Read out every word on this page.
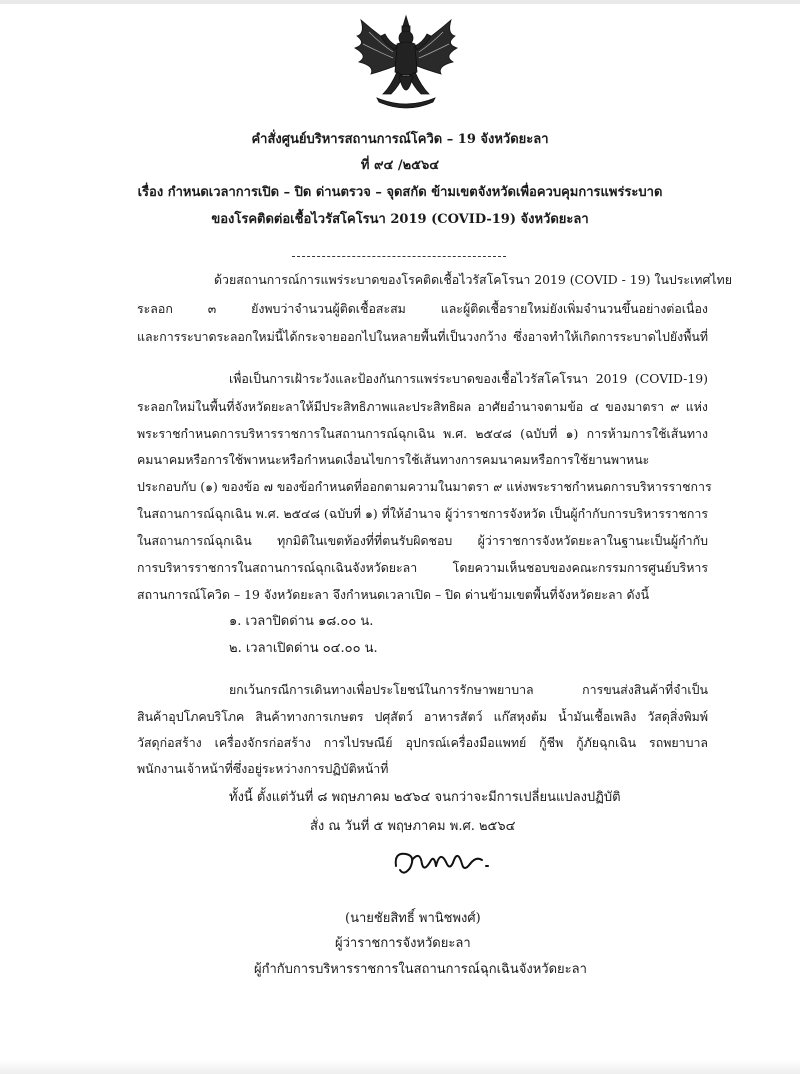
คำสั่งศูนย์บริหารสถานการณ์โควิด – 19 จังหวัดยะลา
ที่ ๙๔ /๒๕๖๔
เรื่อง กำหนดเวลาการเปิด – ปิด ด่านตรวจ – จุดสกัด ข้ามเขตจังหวัดเพื่อควบคุมการแพร่ระบาด
ของโรคติดต่อเชื้อไวรัสโคโรนา 2019 (COVID-19) จังหวัดยะลา
ด้วยสถานการณ์การแพร่ระบาดของโรคติดเชื้อไวรัสโคโรนา 2019 (COVID - 19) ในประเทศไทย
ระลอก ๓ ยังพบว่าจำนวนผู้ติดเชื้อสะสม และผู้ติดเชื้อรายใหม่ยังเพิ่มจำนวนขึ้นอย่างต่อเนื่อง
และการระบาดระลอกใหม่นี้ได้กระจายออกไปในหลายพื้นที่เป็นวงกว้าง ซึ่งอาจทำให้เกิดการระบาดไปยังพื้นที่
เพื่อเป็นการเฝ้าระวังและป้องกันการแพร่ระบาดของเชื้อไวรัสโคโรนา 2019 (COVID-19)
ระลอกใหม่ในพื้นที่จังหวัดยะลาให้มีประสิทธิภาพและประสิทธิผล อาศัยอำนาจตามข้อ ๔ ของมาตรา ๙ แห่ง
พระราชกำหนดการบริหารราชการในสถานการณ์ฉุกเฉิน พ.ศ. ๒๕๔๘ (ฉบับที่ ๑) การห้ามการใช้เส้นทาง
คมนาคมหรือการใช้พาหนะหรือกำหนดเงื่อนไขการใช้เส้นทางการคมนาคมหรือการใช้ยานพาหนะ
ประกอบกับ (๑) ของข้อ ๗ ของข้อกำหนดที่ออกตามความในมาตรา ๙ แห่งพระราชกำหนดการบริหารราชการ
ในสถานการณ์ฉุกเฉิน พ.ศ. ๒๕๔๘ (ฉบับที่ ๑) ที่ให้อำนาจ ผู้ว่าราชการจังหวัด เป็นผู้กำกับการบริหารราชการ
ในสถานการณ์ฉุกเฉิน ทุกมิติในเขตท้องที่ที่ตนรับผิดชอบ ผู้ว่าราชการจังหวัดยะลาในฐานะเป็นผู้กำกับ
การบริหารราชการในสถานการณ์ฉุกเฉินจังหวัดยะลา โดยความเห็นชอบของคณะกรรมการศูนย์บริหาร
สถานการณ์โควิด – 19 จังหวัดยะลา จึงกำหนดเวลาเปิด – ปิด ด่านข้ามเขตพื้นที่จังหวัดยะลา ดังนี้
๑. เวลาปิดด่าน ๑๘.๐๐ น.
๒. เวลาเปิดด่าน ๐๔.๐๐ น.
ยกเว้นกรณีการเดินทางเพื่อประโยชน์ในการรักษาพยาบาล การขนส่งสินค้าที่จำเป็น
สินค้าอุปโภคบริโภค สินค้าทางการเกษตร ปศุสัตว์ อาหารสัตว์ แก๊สหุงต้ม น้ำมันเชื้อเพลิง วัสดุสิ่งพิมพ์
วัสดุก่อสร้าง เครื่องจักรก่อสร้าง การไปรษณีย์ อุปกรณ์เครื่องมือแพทย์ กู้ชีพ กู้ภัยฉุกเฉิน รถพยาบาล
พนักงานเจ้าหน้าที่ซึ่งอยู่ระหว่างการปฏิบัติหน้าที่
ทั้งนี้ ตั้งแต่วันที่ ๘ พฤษภาคม ๒๕๖๔ จนกว่าจะมีการเปลี่ยนแปลงปฏิบัติ
สั่ง ณ วันที่ ๕ พฤษภาคม พ.ศ. ๒๕๖๔
(นายชัยสิทธิ์ พานิชพงศ์)
ผู้ว่าราชการจังหวัดยะลา
ผู้กำกับการบริหารราชการในสถานการณ์ฉุกเฉินจังหวัดยะลา
